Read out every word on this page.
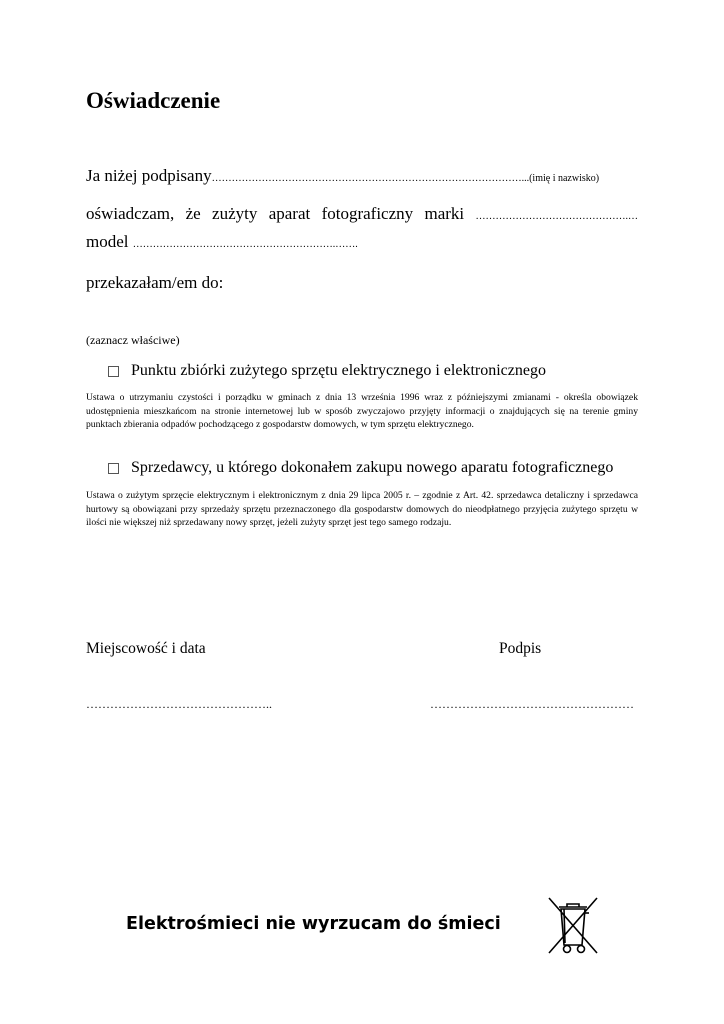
Oświadczenie
Ja niżej podpisany…………………………………………………………………………………...(imię i nazwisko)
oświadczam, że zużyty aparat fotograficzny marki ……………………………………….…
model …………………………………………………….…….
przekazałam/em do:
(zaznacz właściwe)
Punktu zbiórki zużytego sprzętu elektrycznego i elektronicznego
Ustawa o utrzymaniu czystości i porządku w gminach z dnia 13 września 1996 wraz z późniejszymi zmianami - określa obowiązek udostępnienia mieszkańcom na stronie internetowej lub w sposób zwyczajowo przyjęty informacji o znajdujących się na terenie gminy punktach zbierania odpadów pochodzącego z gospodarstw domowych, w tym sprzętu elektrycznego.
Sprzedawcy, u którego dokonałem zakupu nowego aparatu fotograficznego
Ustawa o zużytym sprzęcie elektrycznym i elektronicznym z dnia 29 lipca 2005 r. – zgodnie z Art. 42. sprzedawca detaliczny i sprzedawca hurtowy są obowiązani przy sprzedaży sprzętu przeznaczonego dla gospodarstw domowych do nieodpłatnego przyjęcia zużytego sprzętu w ilości nie większej niż sprzedawany nowy sprzęt, jeżeli zużyty sprzęt jest tego samego rodzaju.
Miejscowość i data	Podpis
………………………………………..	……………………………………………
Elektrośmieci nie wyrzucam do śmieci
